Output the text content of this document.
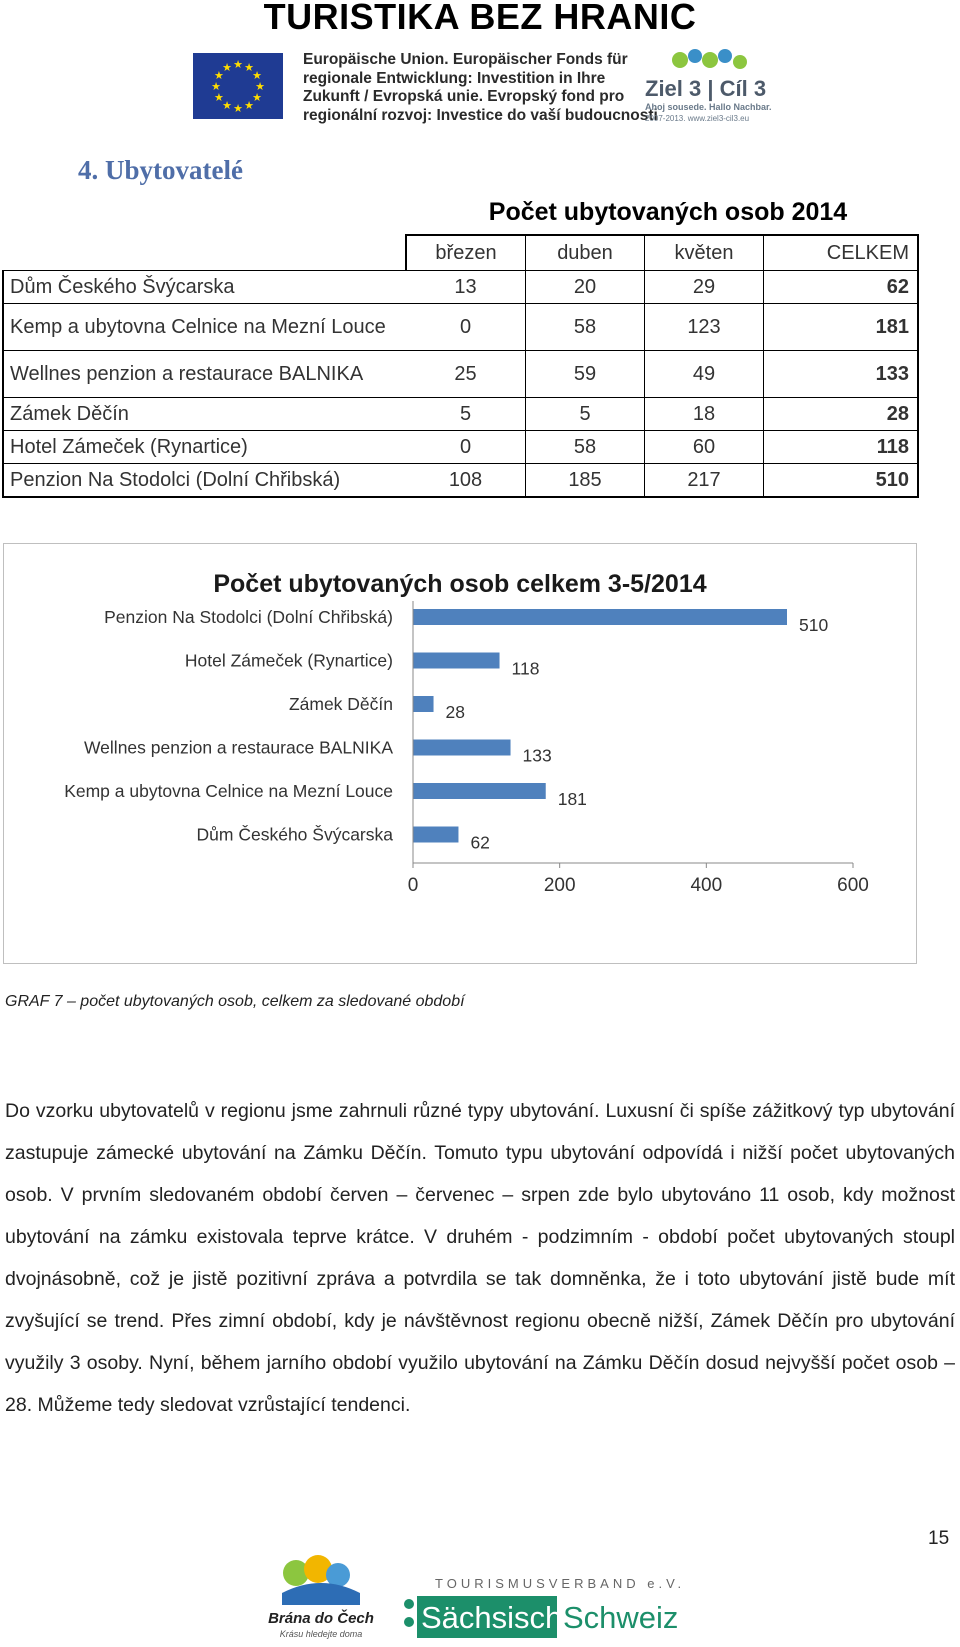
TURISTIKA BEZ HRANIC
★
★
★
★
★
★
★
★
★ ★ ★
★
Europäische Union. Europäischer Fonds für
regionale Entwicklung: Investition in Ihre
Zukunft / Evropská unie. Evropský fond pro
regionální rozvoj: Investice do vaší budoucnosti
Ziel 3 | Cíl 3
Ahoj sousede. Hallo Nachbar.
2007-2013. www.ziel3-cil3.eu
4. Ubytovatelé
Počet ubytovaných osob 2014
	březen	duben	květen	CELKEM
Dům Českého Švýcarska	13	20	29	62
Kemp a ubytovna Celnice na Mezní Louce	0	58	123	181
Wellnes penzion a restaurace BALNIKA	25	59	49	133
Zámek Děčín	5	5	18	28
Hotel Zámeček (Rynartice)	0	58	60	118
Penzion Na Stodolci (Dolní Chřibská)	108	185	217	510
Počet ubytovaných osob celkem 3-5/2014
Penzion Na Stodolci (Dolní Chřibská)	510
Hotel Zámeček (Rynartice)	118
Zámek Děčín	28
Wellnes penzion a restaurace BALNIKA	133
Kemp a ubytovna Celnice na Mezní Louce	181
Dům Českého Švýcarska	62
0	200	400	600
GRAF 7 – počet ubytovaných osob, celkem za sledované období
Do vzorku ubytovatelů v regionu jsme zahrnuli různé typy ubytování. Luxusní či spíše zážitkový typ ubytování zastupuje zámecké ubytování na Zámku Děčín. Tomuto typu ubytování odpovídá i nižší počet ubytovaných osob. V prvním sledovaném období červen – červenec – srpen zde bylo ubytováno 11 osob, kdy možnost ubytování na zámku existovala teprve krátce. V druhém - podzimním - období počet ubytovaných stoupl dvojnásobně, což je jistě pozitivní zpráva a potvrdila se tak domněnka, že i toto ubytování jistě bude mít zvyšující se trend. Přes zimní období, kdy je návštěvnost regionu obecně nižší, Zámek Děčín pro ubytování využily 3 osoby. Nyní, během jarního období využilo ubytování na Zámku Děčín dosud nejvyšší počet osob – 28. Můžeme tedy sledovat vzrůstající tendenci.
15
Brána do Čech
Krásu hledejte doma
TOURISMUSVERBAND e.V.
Sächsische
Schweiz
